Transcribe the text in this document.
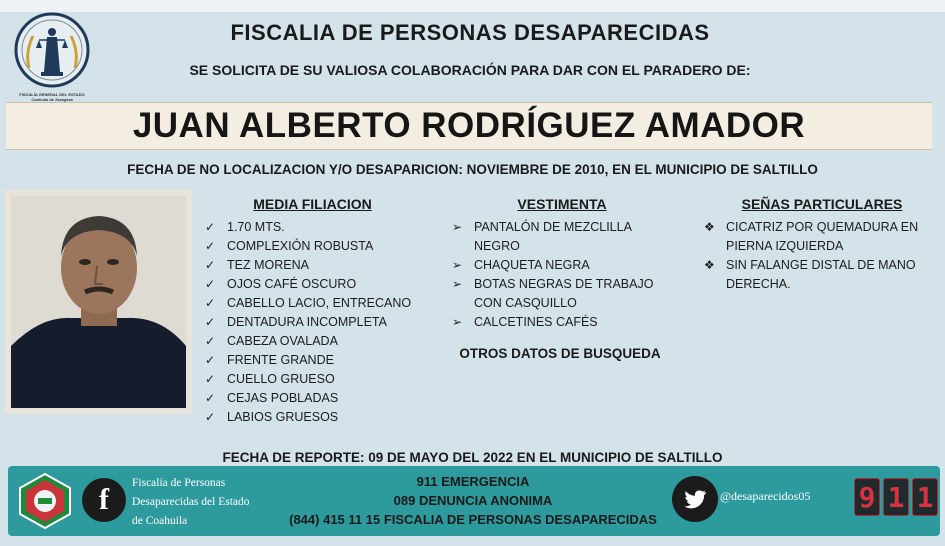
FISCALÍA GENERAL DEL ESTADO
Coahuila de Zaragoza
FISCALIA DE PERSONAS DESAPARECIDAS
SE SOLICITA DE SU VALIOSA COLABORACIÓN PARA DAR CON EL PARADERO DE:
JUAN ALBERTO RODRÍGUEZ AMADOR
FECHA DE NO LOCALIZACION Y/O DESAPARICION: NOVIEMBRE DE 2010, EN EL MUNICIPIO DE SALTILLO
MEDIA FILIACION
✓ 1.70 MTS.
✓ COMPLEXIÓN ROBUSTA
✓ TEZ MORENA
✓ OJOS CAFÉ OSCURO
✓ CABELLO LACIO, ENTRECANO
✓ DENTADURA INCOMPLETA
✓ CABEZA OVALADA
✓ FRENTE GRANDE
✓ CUELLO GRUESO
✓ CEJAS POBLADAS
✓ LABIOS GRUESOS
VESTIMENTA
➢ PANTALÓN DE MEZCLILLA NEGRO
➢ CHAQUETA NEGRA
➢ BOTAS NEGRAS DE TRABAJO CON CASQUILLO
➢ CALCETINES CAFÉS
OTROS DATOS DE BUSQUEDA
SEÑAS PARTICULARES
❖ CICATRIZ POR QUEMADURA EN PIERNA IZQUIERDA
❖ SIN FALANGE DISTAL DE MANO DERECHA.
FECHA DE REPORTE: 09 DE MAYO DEL 2022 EN EL MUNICIPIO DE SALTILLO
f	Fiscalía de Personas
Desaparecidas del Estado
de Coahuila
911 EMERGENCIA
089 DENUNCIA ANONIMA
(844) 415 11 15 FISCALIA DE PERSONAS DESAPARECIDAS
@desaparecidos05	9 1 1
